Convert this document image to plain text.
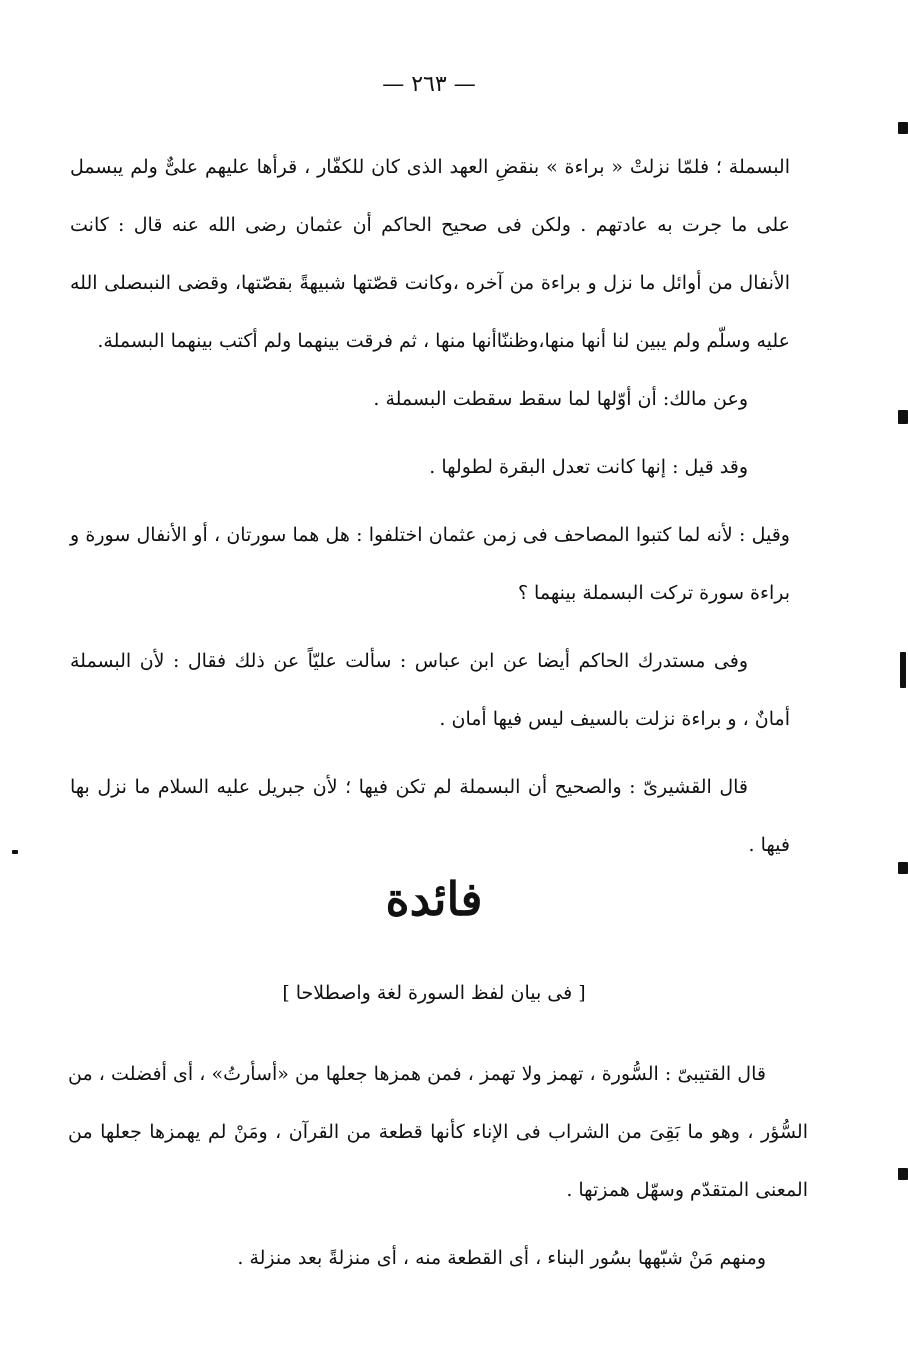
— ٢٦٣ —

البسملة ؛ فلمّا نزلتْ « براءة » بنقضِ العهد الذى كان للكفّار ، قرأها عليهم علىٌّ ولم يبسمل على ما جرت به عادتهم . ولكن فى صحيح الحاكم أن عثمان رضى الله عنه قال : كانت الأنفال من أوائل ما نزل و براءة من آخره ،وكانت قصّتها شبيهةً بقصّتها، وقضى النبىصلى الله عليه وسلّم ولم يبين لنا أنها منها،وظننّاأنها منها ، ثم فرقت بينهما ولم أكتب بينهما البسملة.

وعن مالك: أن أوّلها لما سقط سقطت البسملة .

وقد قيل : إنها كانت تعدل البقرة لطولها .

وقيل : لأنه لما كتبوا المصاحف فى زمن عثمان اختلفوا : هل هما سورتان ، أو الأنفال سورة و براءة سورة تركت البسملة بينهما ؟

وفى مستدرك الحاكم أيضا عن ابن عباس : سألت عليّاً عن ذلك فقال : لأن البسملة أمانٌ ، و براءة نزلت بالسيف ليس فيها أمان .

قال القشيرىّ : والصحيح أن البسملة لم تكن فيها ؛ لأن جبريل عليه السلام ما نزل بها فيها .

فائدة
[ فى بيان لفظ السورة لغة واصطلاحا ]

قال القتيبىّ : السُّورة ، تهمز ولا تهمز ، فمن همزها جعلها من «أسأرتُ» ، أى أفضلت ، من السُّؤر ، وهو ما بَقِىَ من الشراب فى الإناء كأنها قطعة من القرآن ، ومَنْ لم يهمزها جعلها من المعنى المتقدّم وسهّل همزتها .

ومنهم مَنْ شبّهها بسُور البناء ، أى القطعة منه ، أى منزلةً بعد منزلة .
